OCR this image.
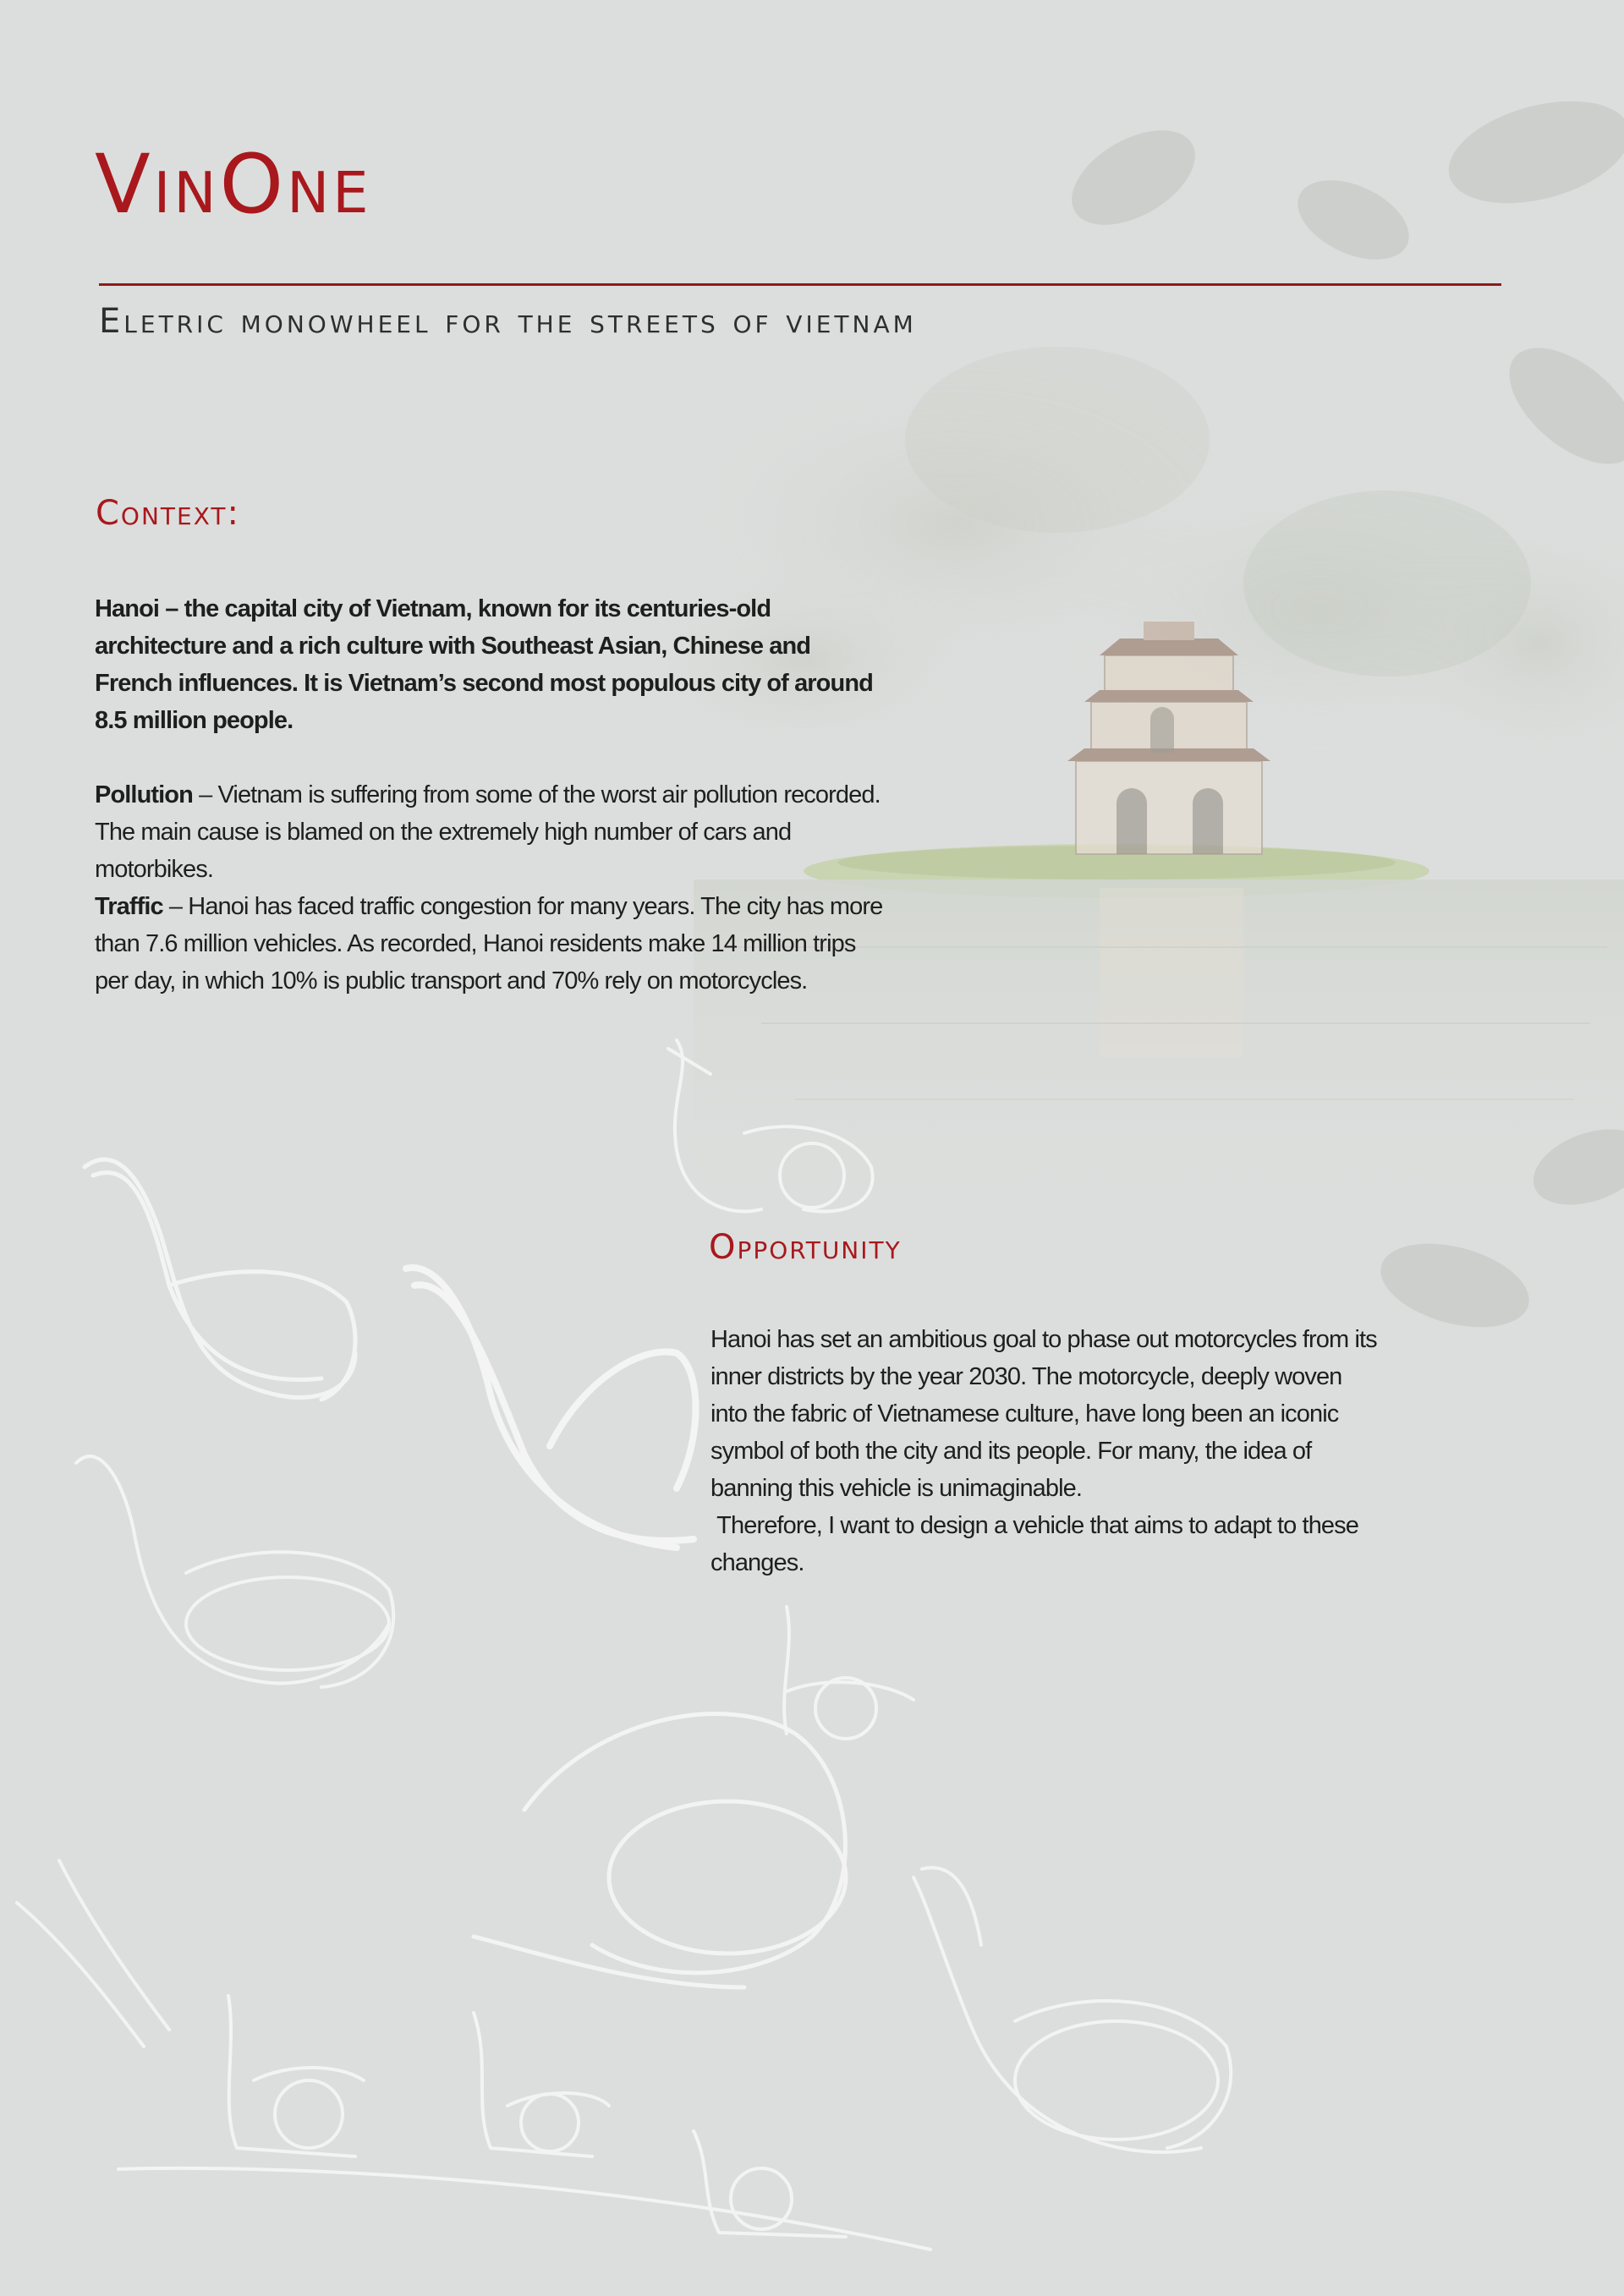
VinOne
Eletric monowheel for the streets of vietnam
Context:

Hanoi – the capital city of Vietnam, known for its centuries-old architecture and a rich culture with Southeast Asian, Chinese and French influences. It is Vietnam’s second most populous city of around 8.5 million people.

Pollution – Vietnam is suffering from some of the worst air pollution recorded. The main cause is blamed on the extremely high number of cars and motorbikes.

Traffic – Hanoi has faced traffic congestion for many years. The city has more than 7.6 million vehicles. As recorded, Hanoi residents make 14 million trips per day, in which 10% is public transport and 70% rely on motorcycles.

Opportunity

Hanoi has set an ambitious goal to phase out motorcycles from its inner districts by the year 2030. The motorcycle, deeply woven into the fabric of Vietnamese culture, have long been an iconic symbol of both the city and its people. For many, the idea of banning this vehicle is unimaginable.

Therefore, I want to design a vehicle that aims to adapt to these changes.
